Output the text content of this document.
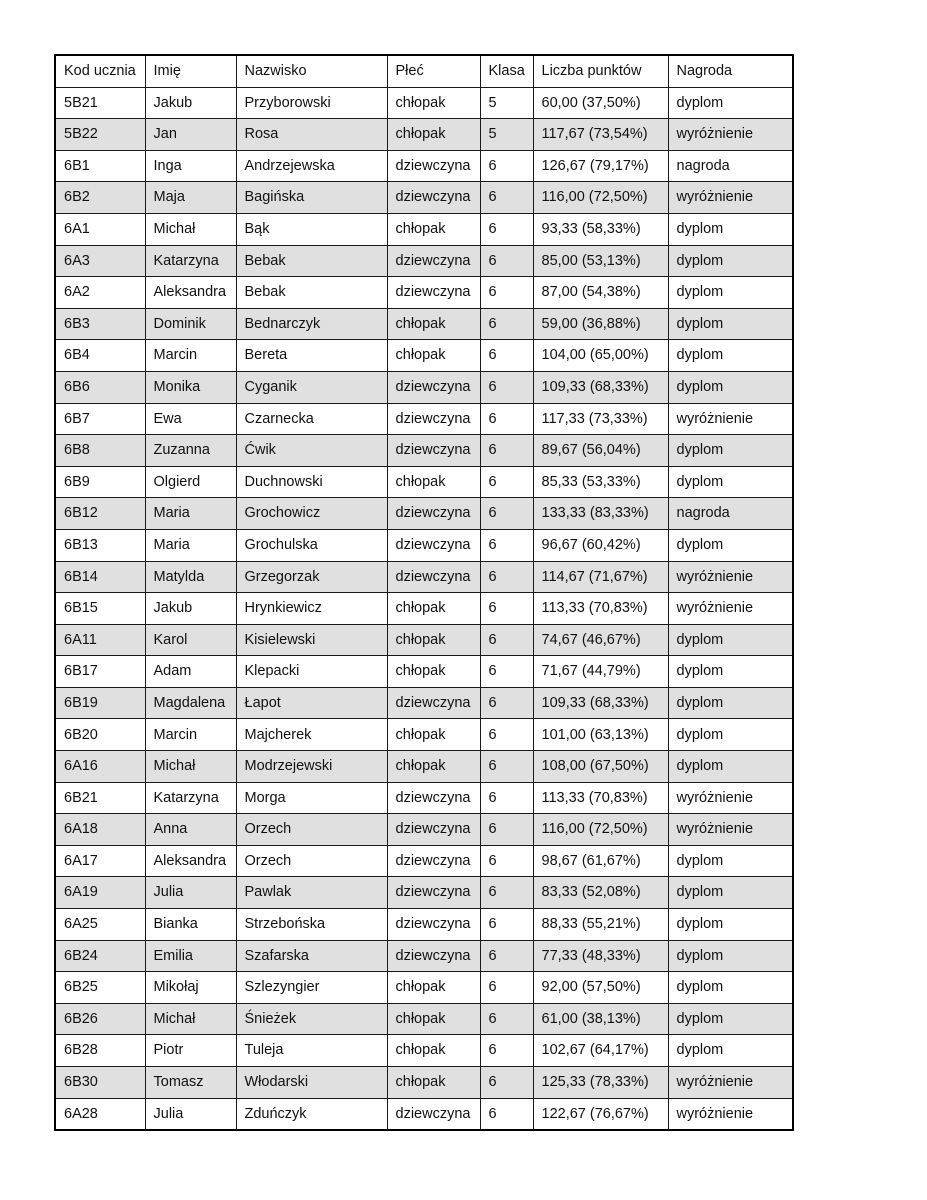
Kod ucznia	Imię	Nazwisko	Płeć	Klasa	Liczba punktów	Nagroda
5B21	Jakub	Przyborowski	chłopak	5	60,00 (37,50%)	dyplom
5B22	Jan	Rosa	chłopak	5	117,67 (73,54%)	wyróżnienie
6B1	Inga	Andrzejewska	dziewczyna	6	126,67 (79,17%)	nagroda
6B2	Maja	Bagińska	dziewczyna	6	116,00 (72,50%)	wyróżnienie
6A1	Michał	Bąk	chłopak	6	93,33 (58,33%)	dyplom
6A3	Katarzyna	Bebak	dziewczyna	6	85,00 (53,13%)	dyplom
6A2	Aleksandra	Bebak	dziewczyna	6	87,00 (54,38%)	dyplom
6B3	Dominik	Bednarczyk	chłopak	6	59,00 (36,88%)	dyplom
6B4	Marcin	Bereta	chłopak	6	104,00 (65,00%)	dyplom
6B6	Monika	Cyganik	dziewczyna	6	109,33 (68,33%)	dyplom
6B7	Ewa	Czarnecka	dziewczyna	6	117,33 (73,33%)	wyróżnienie
6B8	Zuzanna	Ćwik	dziewczyna	6	89,67 (56,04%)	dyplom
6B9	Olgierd	Duchnowski	chłopak	6	85,33 (53,33%)	dyplom
6B12	Maria	Grochowicz	dziewczyna	6	133,33 (83,33%)	nagroda
6B13	Maria	Grochulska	dziewczyna	6	96,67 (60,42%)	dyplom
6B14	Matylda	Grzegorzak	dziewczyna	6	114,67 (71,67%)	wyróżnienie
6B15	Jakub	Hrynkiewicz	chłopak	6	113,33 (70,83%)	wyróżnienie
6A11	Karol	Kisielewski	chłopak	6	74,67 (46,67%)	dyplom
6B17	Adam	Klepacki	chłopak	6	71,67 (44,79%)	dyplom
6B19	Magdalena	Łapot	dziewczyna	6	109,33 (68,33%)	dyplom
6B20	Marcin	Majcherek	chłopak	6	101,00 (63,13%)	dyplom
6A16	Michał	Modrzejewski	chłopak	6	108,00 (67,50%)	dyplom
6B21	Katarzyna	Morga	dziewczyna	6	113,33 (70,83%)	wyróżnienie
6A18	Anna	Orzech	dziewczyna	6	116,00 (72,50%)	wyróżnienie
6A17	Aleksandra	Orzech	dziewczyna	6	98,67 (61,67%)	dyplom
6A19	Julia	Pawlak	dziewczyna	6	83,33 (52,08%)	dyplom
6A25	Bianka	Strzebońska	dziewczyna	6	88,33 (55,21%)	dyplom
6B24	Emilia	Szafarska	dziewczyna	6	77,33 (48,33%)	dyplom
6B25	Mikołaj	Szlezyngier	chłopak	6	92,00 (57,50%)	dyplom
6B26	Michał	Śnieżek	chłopak	6	61,00 (38,13%)	dyplom
6B28	Piotr	Tuleja	chłopak	6	102,67 (64,17%)	dyplom
6B30	Tomasz	Włodarski	chłopak	6	125,33 (78,33%)	wyróżnienie
6A28	Julia	Zduńczyk	dziewczyna	6	122,67 (76,67%)	wyróżnienie
